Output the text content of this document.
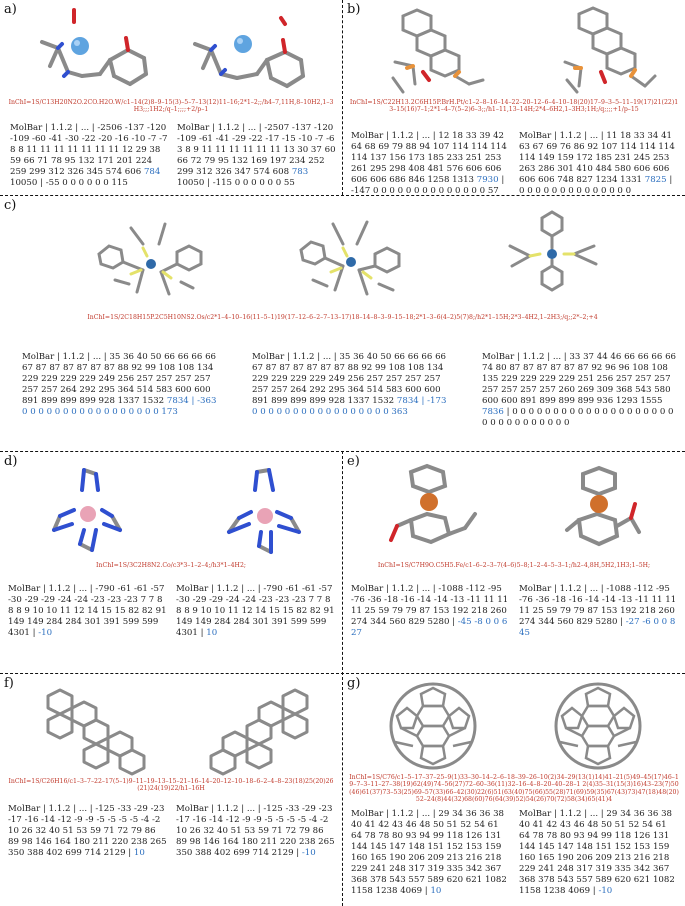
a)
InChI=1S/C13H20N2O.2CO.H2O.W/c1–14(2)8–9–15(3)–5–7–13(12)11–16;2*1–2;;/h4–7,11H,8–10H2,1–3H3;;;1H2;/q–1;;;;+2/p–1
MolBar | 1.1.2 | ... | -2506 -137 -120 -109 -60 -41 -30 -22 -20 -16 -10 -7 -7 8 8 11 11 11 11 11 11 11 12 29 38 59 66 71 78 95 132 171 201 224 259 299 312 326 345 574 606 784 10050 | -55 0 0 0 0 0 0 115
MolBar | 1.1.2 | ... | -2507 -137 -120 -109 -61 -41 -29 -22 -17 -15 -10 -7 -6 3 8 9 11 11 11 11 11 11 13 30 37 60 66 72 79 95 132 169 197 234 252 299 312 326 347 574 608 783 10050 | -115 0 0 0 0 0 0 55
b)
InChI=1S/C22H13.2C6H15P.BrH.Pt/c1–2–8–16–14–22–20–12–6–4–10–18(20)17–9–3–5–11–19(17)21(22)13–15(16)7–1;2*1–4–7(5–2)6–3;;/h1–11,13–14H;2*4–6H2,1–3H3;1H;/q;;;;+1/p–15
MolBar | 1.1.2 | ... | 12 18 33 39 42 64 68 69 79 88 94 107 114 114 114 114 137 156 173 185 233 251 253 261 295 298 408 481 576 606 606 606 606 686 846 1258 1313 7930 | -147 0 0 0 0 0 0 0 0 0 0 0 0 0 0 57
MolBar | 1.1.2 | ... | 11 18 33 34 41 63 67 69 76 86 92 107 114 114 114 114 149 159 172 185 231 245 253 263 286 301 410 484 580 606 606 606 606 748 827 1234 1331 7825 | 0 0 0 0 0 0 0 0 0 0 0 0 0 0
c)
InChI=1S/2C18H15P.2C5H10NS2.Os/c2*1–4–10–16(11–5–1)19(17–12–6–2–7–13–17)18–14–8–3–9–15–18;2*1–3–6(4–2)5(7)8;/h2*1–15H;2*3–4H2,1–2H3;/q;;2*–2;+4
MolBar | 1.1.2 | ... | 35 36 40 50 66 66 66 66 67 87 87 87 87 87 87 88 92 99 108 108 134 229 229 229 229 249 256 257 257 257 257 257 257 264 292 295 364 514 583 600 600 891 899 899 899 928 1337 1532 7834 | -363 0 0 0 0 0 0 0 0 0 0 0 0 0 0 0 0 0 173
MolBar | 1.1.2 | ... | 35 36 40 50 66 66 66 66 67 87 87 87 87 87 87 88 92 99 108 108 134 229 229 229 229 249 256 257 257 257 257 257 257 264 292 295 364 514 583 600 600 891 899 899 899 928 1337 1532 7834 | -173 0 0 0 0 0 0 0 0 0 0 0 0 0 0 0 0 0 363
MolBar | 1.1.2 | ... | 33 37 44 46 66 66 66 66 74 80 87 87 87 87 87 87 92 96 96 108 108 135 229 229 229 229 251 256 257 257 257 257 257 257 257 260 269 309 368 543 580 600 600 891 899 899 899 936 1293 1555 7836 | 0 0 0 0 0 0 0 0 0 0 0 0 0 0 0 0 0 0 0 0 0 0 0 0 0 0 0 0 0 0 0
d)
InChI=1S/3C2H8N2.Co/c3*3–1–2–4;/h3*1–4H2;
MolBar | 1.1.2 | ... | -790 -61 -61 -57 -30 -29 -29 -24 -24 -23 -23 -23 7 7 8 8 8 9 10 10 11 12 14 15 15 82 82 91 149 149 284 284 301 391 599 599 4301 | -10
MolBar | 1.1.2 | ... | -790 -61 -61 -57 -30 -29 -29 -24 -24 -23 -23 -23 7 7 8 8 8 9 10 10 11 12 14 15 15 82 82 91 149 149 284 284 301 391 599 599 4301 | 10
e)
InChI=1S/C7H9O.C5H5.Fe/c1–6–2–3–7(4–6)5–8;1–2–4–5–3–1;/h2–4,8H,5H2,1H3;1–5H;
MolBar | 1.1.2 | ... | -1088 -112 -95 -76 -36 -18 -16 -14 -14 -13 -11 11 11 11 25 59 79 79 87 153 192 218 260 274 344 560 829 5280 | -45 -8 0 0 6 27
MolBar | 1.1.2 | ... | -1088 -112 -95 -76 -36 -18 -16 -14 -14 -13 -11 11 11 11 25 59 79 79 87 153 192 218 260 274 344 560 829 5280 | -27 -6 0 0 8 45
f)
InChI=1S/C26H16/c1–3–7–22–17(5–1)9–11–19–13–15–21–16–14–20–12–10–18–6–2–4–8–23(18)25(20)26(21)24(19)22/h1–16H
MolBar | 1.1.2 | ... | -125 -33 -29 -23 -17 -16 -14 -12 -9 -9 -5 -5 -5 -5 -4 -2 10 26 32 40 51 53 59 71 72 79 86 89 98 146 164 180 211 220 238 265 350 388 402 699 714 2129 | 10
MolBar | 1.1.2 | ... | -125 -33 -29 -23 -17 -16 -14 -12 -9 -9 -5 -5 -5 -5 -4 -2 10 26 32 40 51 53 59 71 72 79 86 89 98 146 164 180 211 220 238 265 350 388 402 699 714 2129 | -10
g)
InChI=1S/C76/c1–5–17–37–25–9(1)33–30–14–2–6–18–39–26–10(2)34–29(13(1)14)41–21(5)49–45(17)46–19–7–3–11–27–38(19)62(49)74–56(27)72–60–36(11)32–16–4–8–20–40–28–1 2(4)35–31(15(3)16)43–23(7)50(46)61(37)73–53(25)69–57(33)66–42(30)22(6)51(63(40)75(66)55(28)71(69)59(35)67(43)73)47(18)48(20)52–24(8)44(32)68(60)76(64(39)52)54(26)70(72)58(34)65(41)4
MolBar | 1.1.2 | ... | 29 34 36 36 38 40 41 42 43 46 48 50 51 52 54 61 64 78 78 80 93 94 99 118 126 131 144 145 147 148 151 152 153 159 160 165 190 206 209 213 216 218 229 241 248 317 319 335 342 367 368 378 543 557 589 620 621 1082 1158 1238 4069 | 10
MolBar | 1.1.2 | ... | 29 34 36 36 38 40 41 42 43 46 48 50 51 52 54 61 64 78 78 80 93 94 99 118 126 131 144 145 147 148 151 152 153 159 160 165 190 206 209 213 216 218 229 241 248 317 319 335 342 367 368 378 543 557 589 620 621 1082 1158 1238 4069 | -10
